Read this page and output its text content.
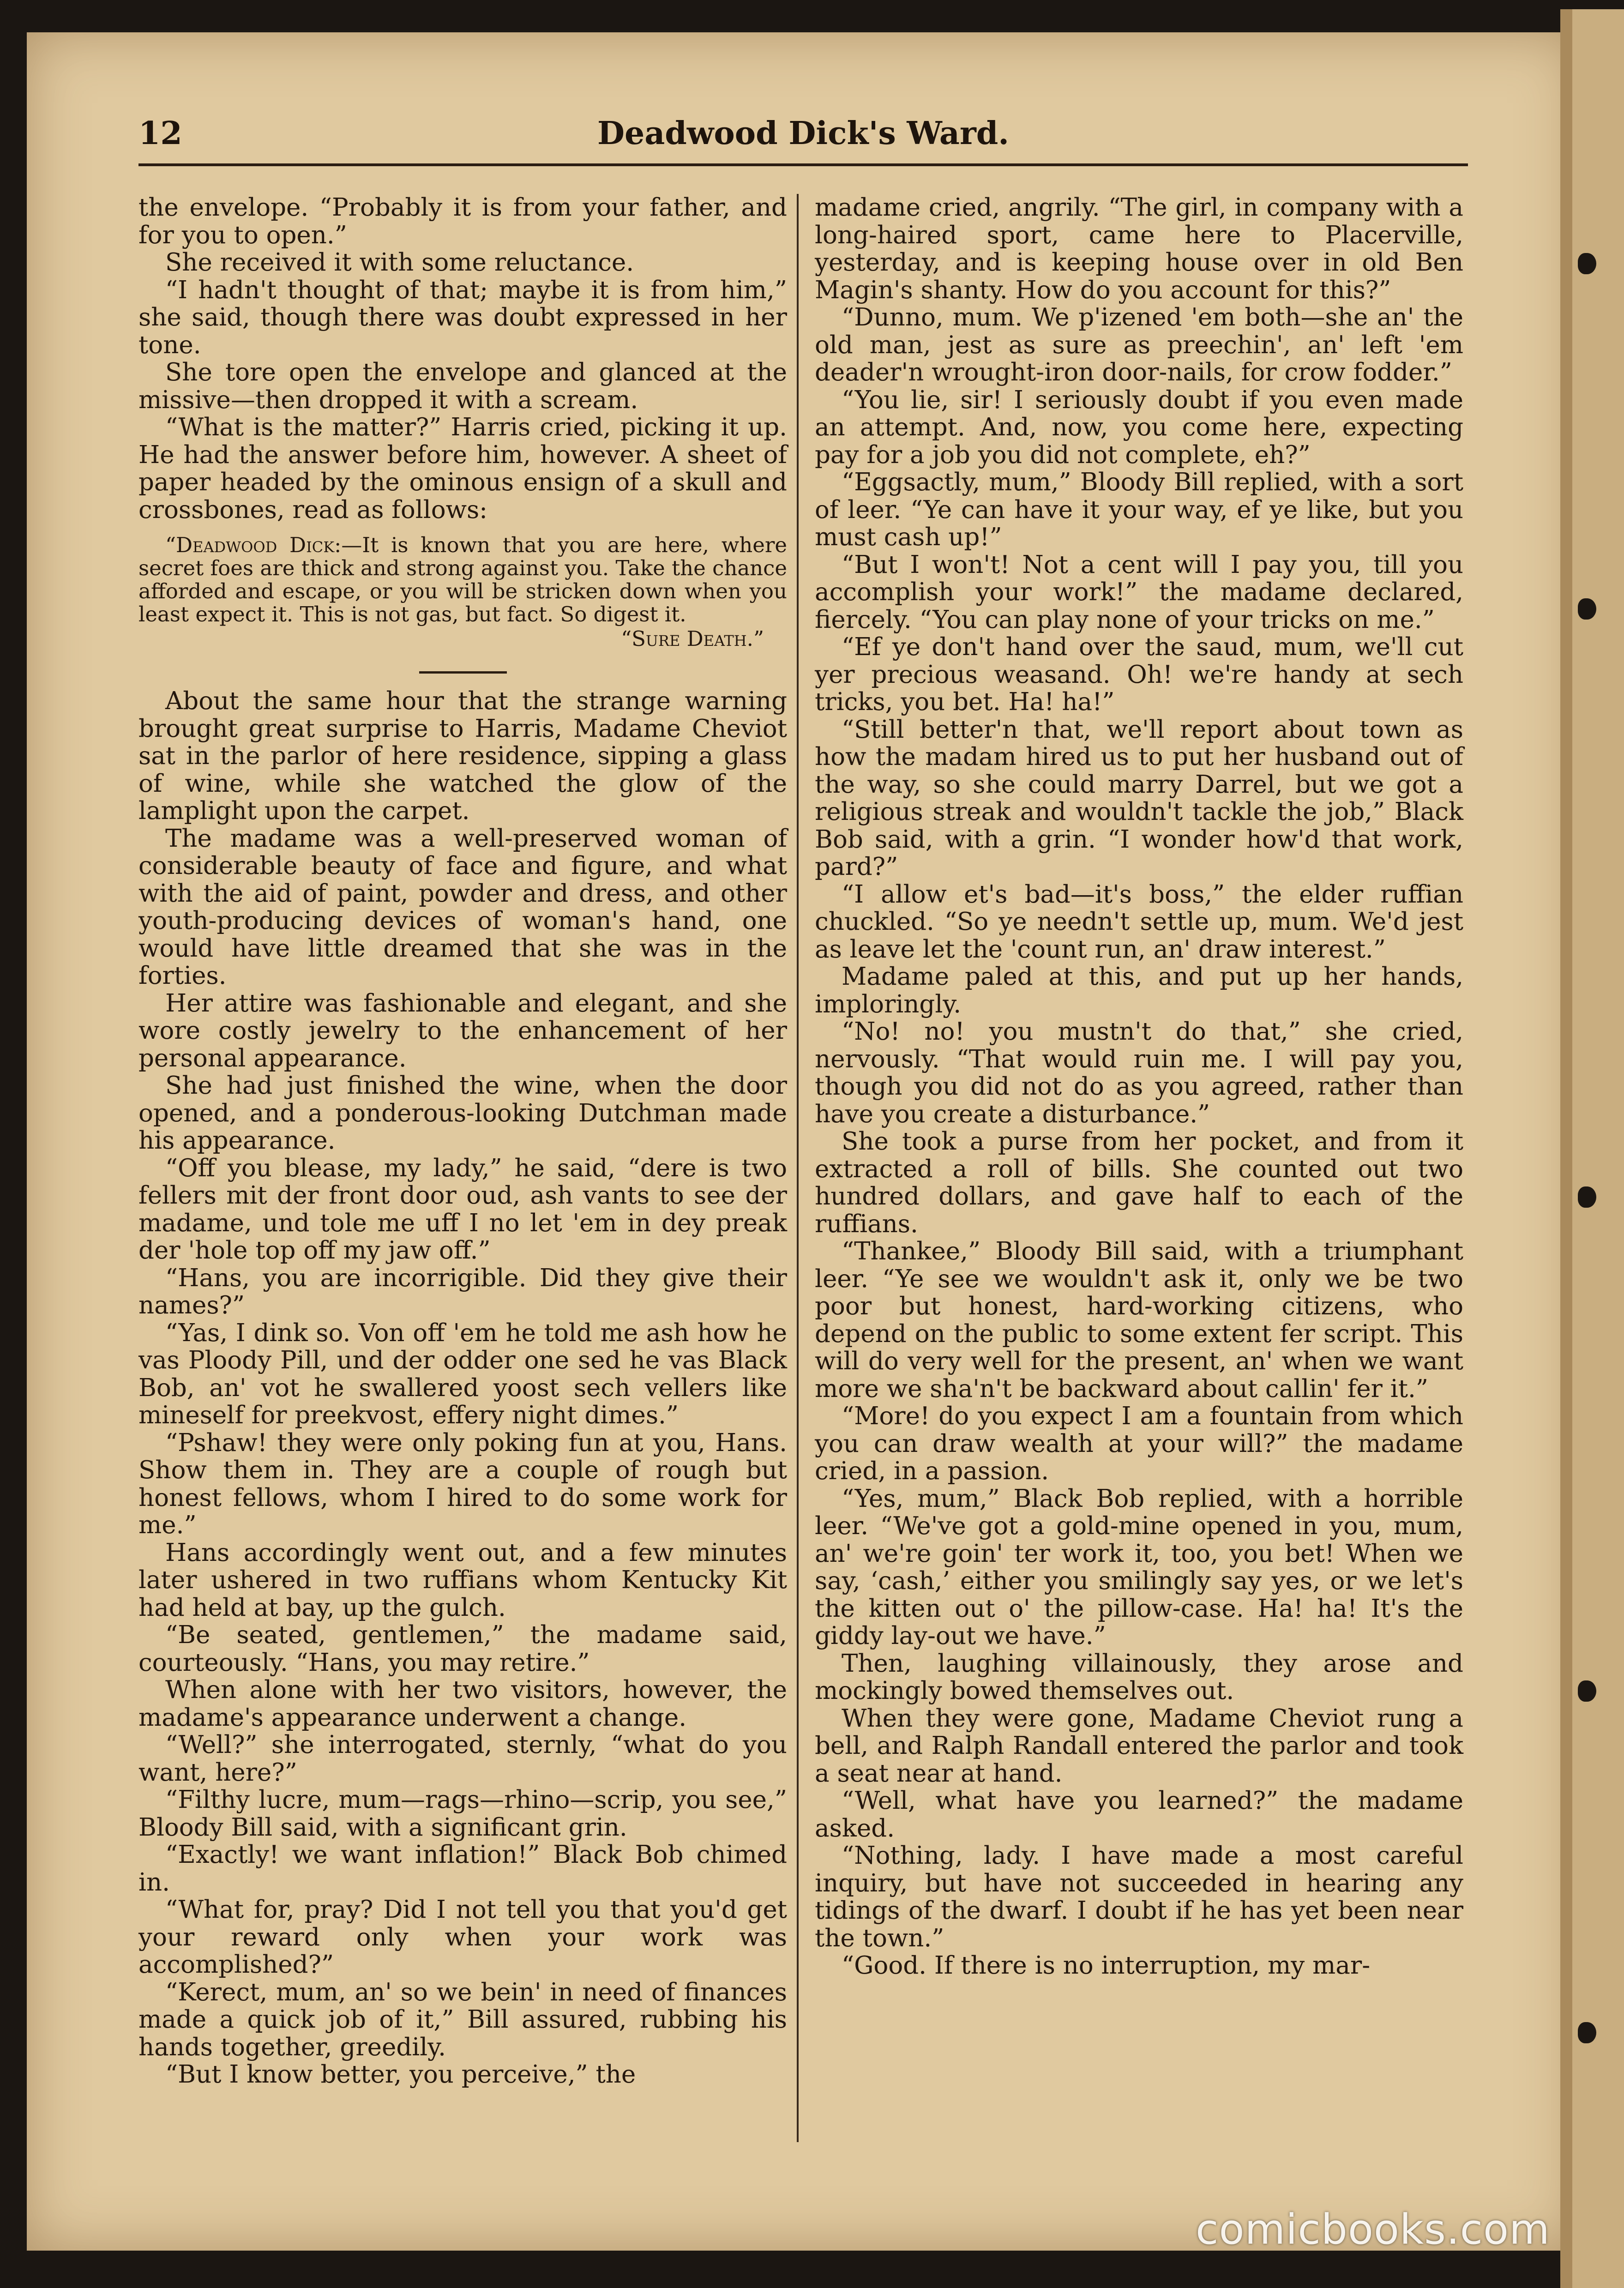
12	Deadwood Dick's Ward.

the envelope. “Probably it is from your father, and for you to open.”

She received it with some reluctance.

“I hadn't thought of that; maybe it is from him,” she said, though there was doubt expressed in her tone.

She tore open the envelope and glanced at the missive—then dropped it with a scream.

“What is the matter?” Harris cried, picking it up. He had the answer before him, however. A sheet of paper headed by the ominous ensign of a skull and crossbones, read as follows:

“Deadwood Dick:—It is known that you are here, where secret foes are thick and strong against you. Take the chance afforded and escape, or you will be stricken down when you least expect it. This is not gas, but fact. So digest it.

“Sure Death.”

About the same hour that the strange warning brought great surprise to Harris, Madame Cheviot sat in the parlor of here residence, sipping a glass of wine, while she watched the glow of the lamplight upon the carpet.

The madame was a well-preserved woman of considerable beauty of face and figure, and what with the aid of paint, powder and dress, and other youth-producing devices of woman's hand, one would have little dreamed that she was in the forties.

Her attire was fashionable and elegant, and she wore costly jewelry to the enhancement of her personal appearance.

She had just finished the wine, when the door opened, and a ponderous-looking Dutchman made his appearance.

“Off you blease, my lady,” he said, “dere is two fellers mit der front door oud, ash vants to see der madame, und tole me uff I no let 'em in dey preak der 'hole top off my jaw off.”

“Hans, you are incorrigible. Did they give their names?”

“Yas, I dink so. Von off 'em he told me ash how he vas Ploody Pill, und der odder one sed he vas Black Bob, an' vot he swallered yoost sech vellers like mineself for preekvost, effery night dimes.”

“Pshaw! they were only poking fun at you, Hans. Show them in. They are a couple of rough but honest fellows, whom I hired to do some work for me.”

Hans accordingly went out, and a few minutes later ushered in two ruffians whom Kentucky Kit had held at bay, up the gulch.

“Be seated, gentlemen,” the madame said, courteously. “Hans, you may retire.”

When alone with her two visitors, however, the madame's appearance underwent a change.

“Well?” she interrogated, sternly, “what do you want, here?”

“Filthy lucre, mum—rags—rhino—scrip, you see,” Bloody Bill said, with a significant grin.

“Exactly! we want inflation!” Black Bob chimed in.

“What for, pray? Did I not tell you that you'd get your reward only when your work was accomplished?”

“Kerect, mum, an' so we bein' in need of finances made a quick job of it,” Bill assured, rubbing his hands together, greedily.

“But I know better, you perceive,” the

madame cried, angrily. “The girl, in company with a long-haired sport, came here to Placerville, yesterday, and is keeping house over in old Ben Magin's shanty. How do you account for this?”

“Dunno, mum. We p'izened 'em both—she an' the old man, jest as sure as preechin', an' left 'em deader'n wrought-iron door-nails, for crow fodder.”

“You lie, sir! I seriously doubt if you even made an attempt. And, now, you come here, expecting pay for a job you did not complete, eh?”

“Eggsactly, mum,” Bloody Bill replied, with a sort of leer. “Ye can have it your way, ef ye like, but you must cash up!”

“But I won't! Not a cent will I pay you, till you accomplish your work!” the madame declared, fiercely. “You can play none of your tricks on me.”

“Ef ye don't hand over the saud, mum, we'll cut yer precious weasand. Oh! we're handy at sech tricks, you bet. Ha! ha!”

“Still better'n that, we'll report about town as how the madam hired us to put her husband out of the way, so she could marry Darrel, but we got a religious streak and wouldn't tackle the job,” Black Bob said, with a grin. “I wonder how'd that work, pard?”

“I allow et's bad—it's boss,” the elder ruffian chuckled. “So ye needn't settle up, mum. We'd jest as leave let the 'count run, an' draw interest.”

Madame paled at this, and put up her hands, imploringly.

“No! no! you mustn't do that,” she cried, nervously. “That would ruin me. I will pay you, though you did not do as you agreed, rather than have you create a disturbance.”

She took a purse from her pocket, and from it extracted a roll of bills. She counted out two hundred dollars, and gave half to each of the ruffians.

“Thankee,” Bloody Bill said, with a triumphant leer. “Ye see we wouldn't ask it, only we be two poor but honest, hard-working citizens, who depend on the public to some extent fer script. This will do very well for the present, an' when we want more we sha'n't be backward about callin' fer it.”

“More! do you expect I am a fountain from which you can draw wealth at your will?” the madame cried, in a passion.

“Yes, mum,” Black Bob replied, with a horrible leer. “We've got a gold-mine opened in you, mum, an' we're goin' ter work it, too, you bet! When we say, ‘cash,’ either you smilingly say yes, or we let's the kitten out o' the pillow-case. Ha! ha! It's the giddy lay-out we have.”

Then, laughing villainously, they arose and mockingly bowed themselves out.

When they were gone, Madame Cheviot rung a bell, and Ralph Randall entered the parlor and took a seat near at hand.

“Well, what have you learned?” the madame asked.

“Nothing, lady. I have made a most careful inquiry, but have not succeeded in hearing any tidings of the dwarf. I doubt if he has yet been near the town.”

“Good. If there is no interruption, my mar-

comicbooks.com
